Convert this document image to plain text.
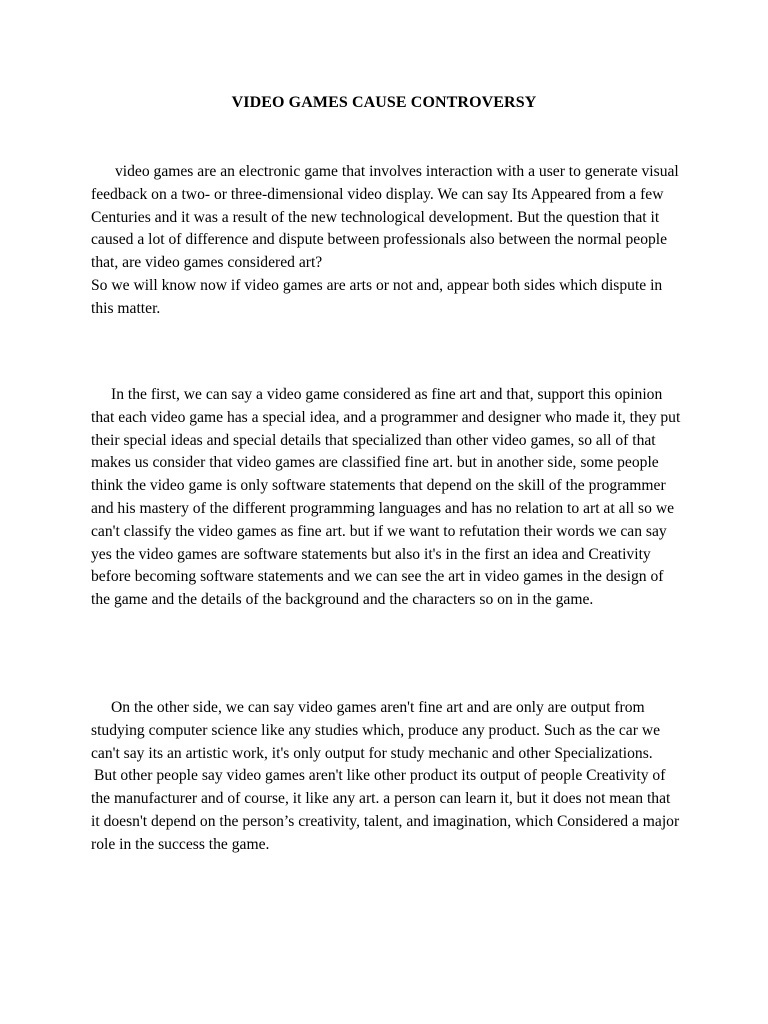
VIDEO GAMES CAUSE CONTROVERSY

video games are an electronic game that involves interaction with a user to generate visual feedback on a two- or three-dimensional video display. We can say Its Appeared from a few Centuries and it was a result of the new technological development. But the question that it caused a lot of difference and dispute between professionals also between the normal people that, are video games considered art?

So we will know now if video games are arts or not and, appear both sides which dispute in this matter.

In the first, we can say a video game considered as fine art and that, support this opinion that each video game has a special idea, and a programmer and designer who made it, they put their special ideas and special details that specialized than other video games, so all of that makes us consider that video games are classified fine art. but in another side, some people think the video game is only software statements that depend on the skill of the programmer and his mastery of the different programming languages and has no relation to art at all so we can't classify the video games as fine art. but if we want to refutation their words we can say yes the video games are software statements but also it's in the first an idea and Creativity before becoming software statements and we can see the art in video games in the design of the game and the details of the background and the characters so on in the game.

On the other side, we can say video games aren't fine art and are only are output from studying computer science like any studies which, produce any product. Such as the car we can't say its an artistic work, it's only output for study mechanic and other Specializations.

But other people say video games aren't like other product its output of people Creativity of the manufacturer and of course, it like any art. a person can learn it, but it does not mean that it doesn't depend on the person’s creativity, talent, and imagination, which Considered a major role in the success the game.
